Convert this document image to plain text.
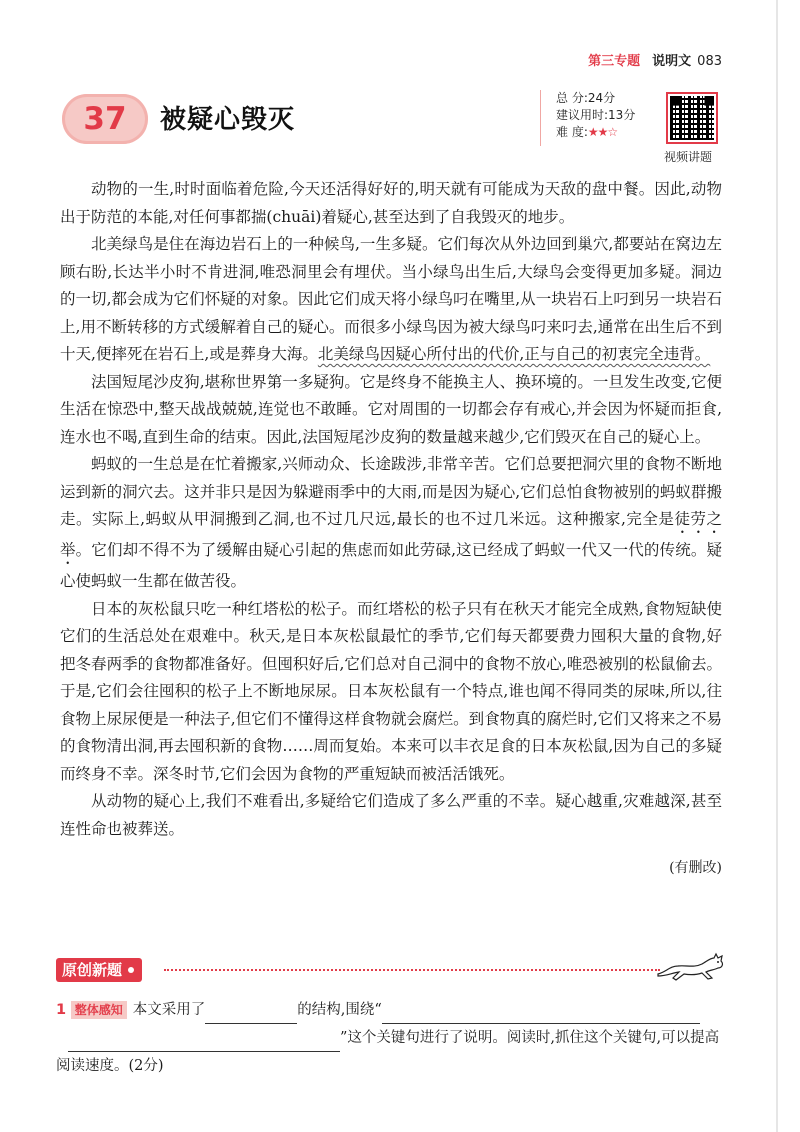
第三专题 说明文 083
37 被疑心毁灭
总 分:24分
建议用时:13分
难 度:★★☆
视频讲题

动物的一生,时时面临着危险,今天还活得好好的,明天就有可能成为天敌的盘中餐。因此,动物出于防范的本能,对任何事都揣(chuāi)着疑心,甚至达到了自我毁灭的地步。

北美绿鸟是住在海边岩石上的一种候鸟,一生多疑。它们每次从外边回到巢穴,都要站在窝边左顾右盼,长达半小时不肯进洞,唯恐洞里会有埋伏。当小绿鸟出生后,大绿鸟会变得更加多疑。洞边的一切,都会成为它们怀疑的对象。因此它们成天将小绿鸟叼在嘴里,从一块岩石上叼到另一块岩石上,用不断转移的方式缓解着自己的疑心。而很多小绿鸟因为被大绿鸟叼来叼去,通常在出生后不到十天,便摔死在岩石上,或是葬身大海。北美绿鸟因疑心所付出的代价,正与自己的初衷完全违背。

法国短尾沙皮狗,堪称世界第一多疑狗。它是终身不能换主人、换环境的。一旦发生改变,它便生活在惊恐中,整天战战兢兢,连觉也不敢睡。它对周围的一切都会存有戒心,并会因为怀疑而拒食,连水也不喝,直到生命的结束。因此,法国短尾沙皮狗的数量越来越少,它们毁灭在自己的疑心上。

蚂蚁的一生总是在忙着搬家,兴师动众、长途跋涉,非常辛苦。它们总要把洞穴里的食物不断地运到新的洞穴去。这并非只是因为躲避雨季中的大雨,而是因为疑心,它们总怕食物被别的蚂蚁群搬走。实际上,蚂蚁从甲洞搬到乙洞,也不过几尺远,最长的也不过几米远。这种搬家,完全是徒劳之举。它们却不得不为了缓解由疑心引起的焦虑而如此劳碌,这已经成了蚂蚁一代又一代的传统。疑心使蚂蚁一生都在做苦役。

日本的灰松鼠只吃一种红塔松的松子。而红塔松的松子只有在秋天才能完全成熟,食物短缺使它们的生活总处在艰难中。秋天,是日本灰松鼠最忙的季节,它们每天都要费力囤积大量的食物,好把冬春两季的食物都准备好。但囤积好后,它们总对自己洞中的食物不放心,唯恐被别的松鼠偷去。于是,它们会往囤积的松子上不断地尿尿。日本灰松鼠有一个特点,谁也闻不得同类的尿味,所以,往食物上尿尿便是一种法子,但它们不懂得这样食物就会腐烂。到食物真的腐烂时,它们又将来之不易的食物清出洞,再去囤积新的食物……周而复始。本来可以丰衣足食的日本灰松鼠,因为自己的多疑而终身不幸。深冬时节,它们会因为食物的严重短缺而被活活饿死。

从动物的疑心上,我们不难看出,多疑给它们造成了多么严重的不幸。疑心越重,灾难越深,甚至连性命也被葬送。

(有删改)
原创新题
1 整体感知 本文采用了	的结构,围绕“
”这个关键句进行了说明。阅读时,抓住这个关键句,可以提高阅读速度。(2分)
